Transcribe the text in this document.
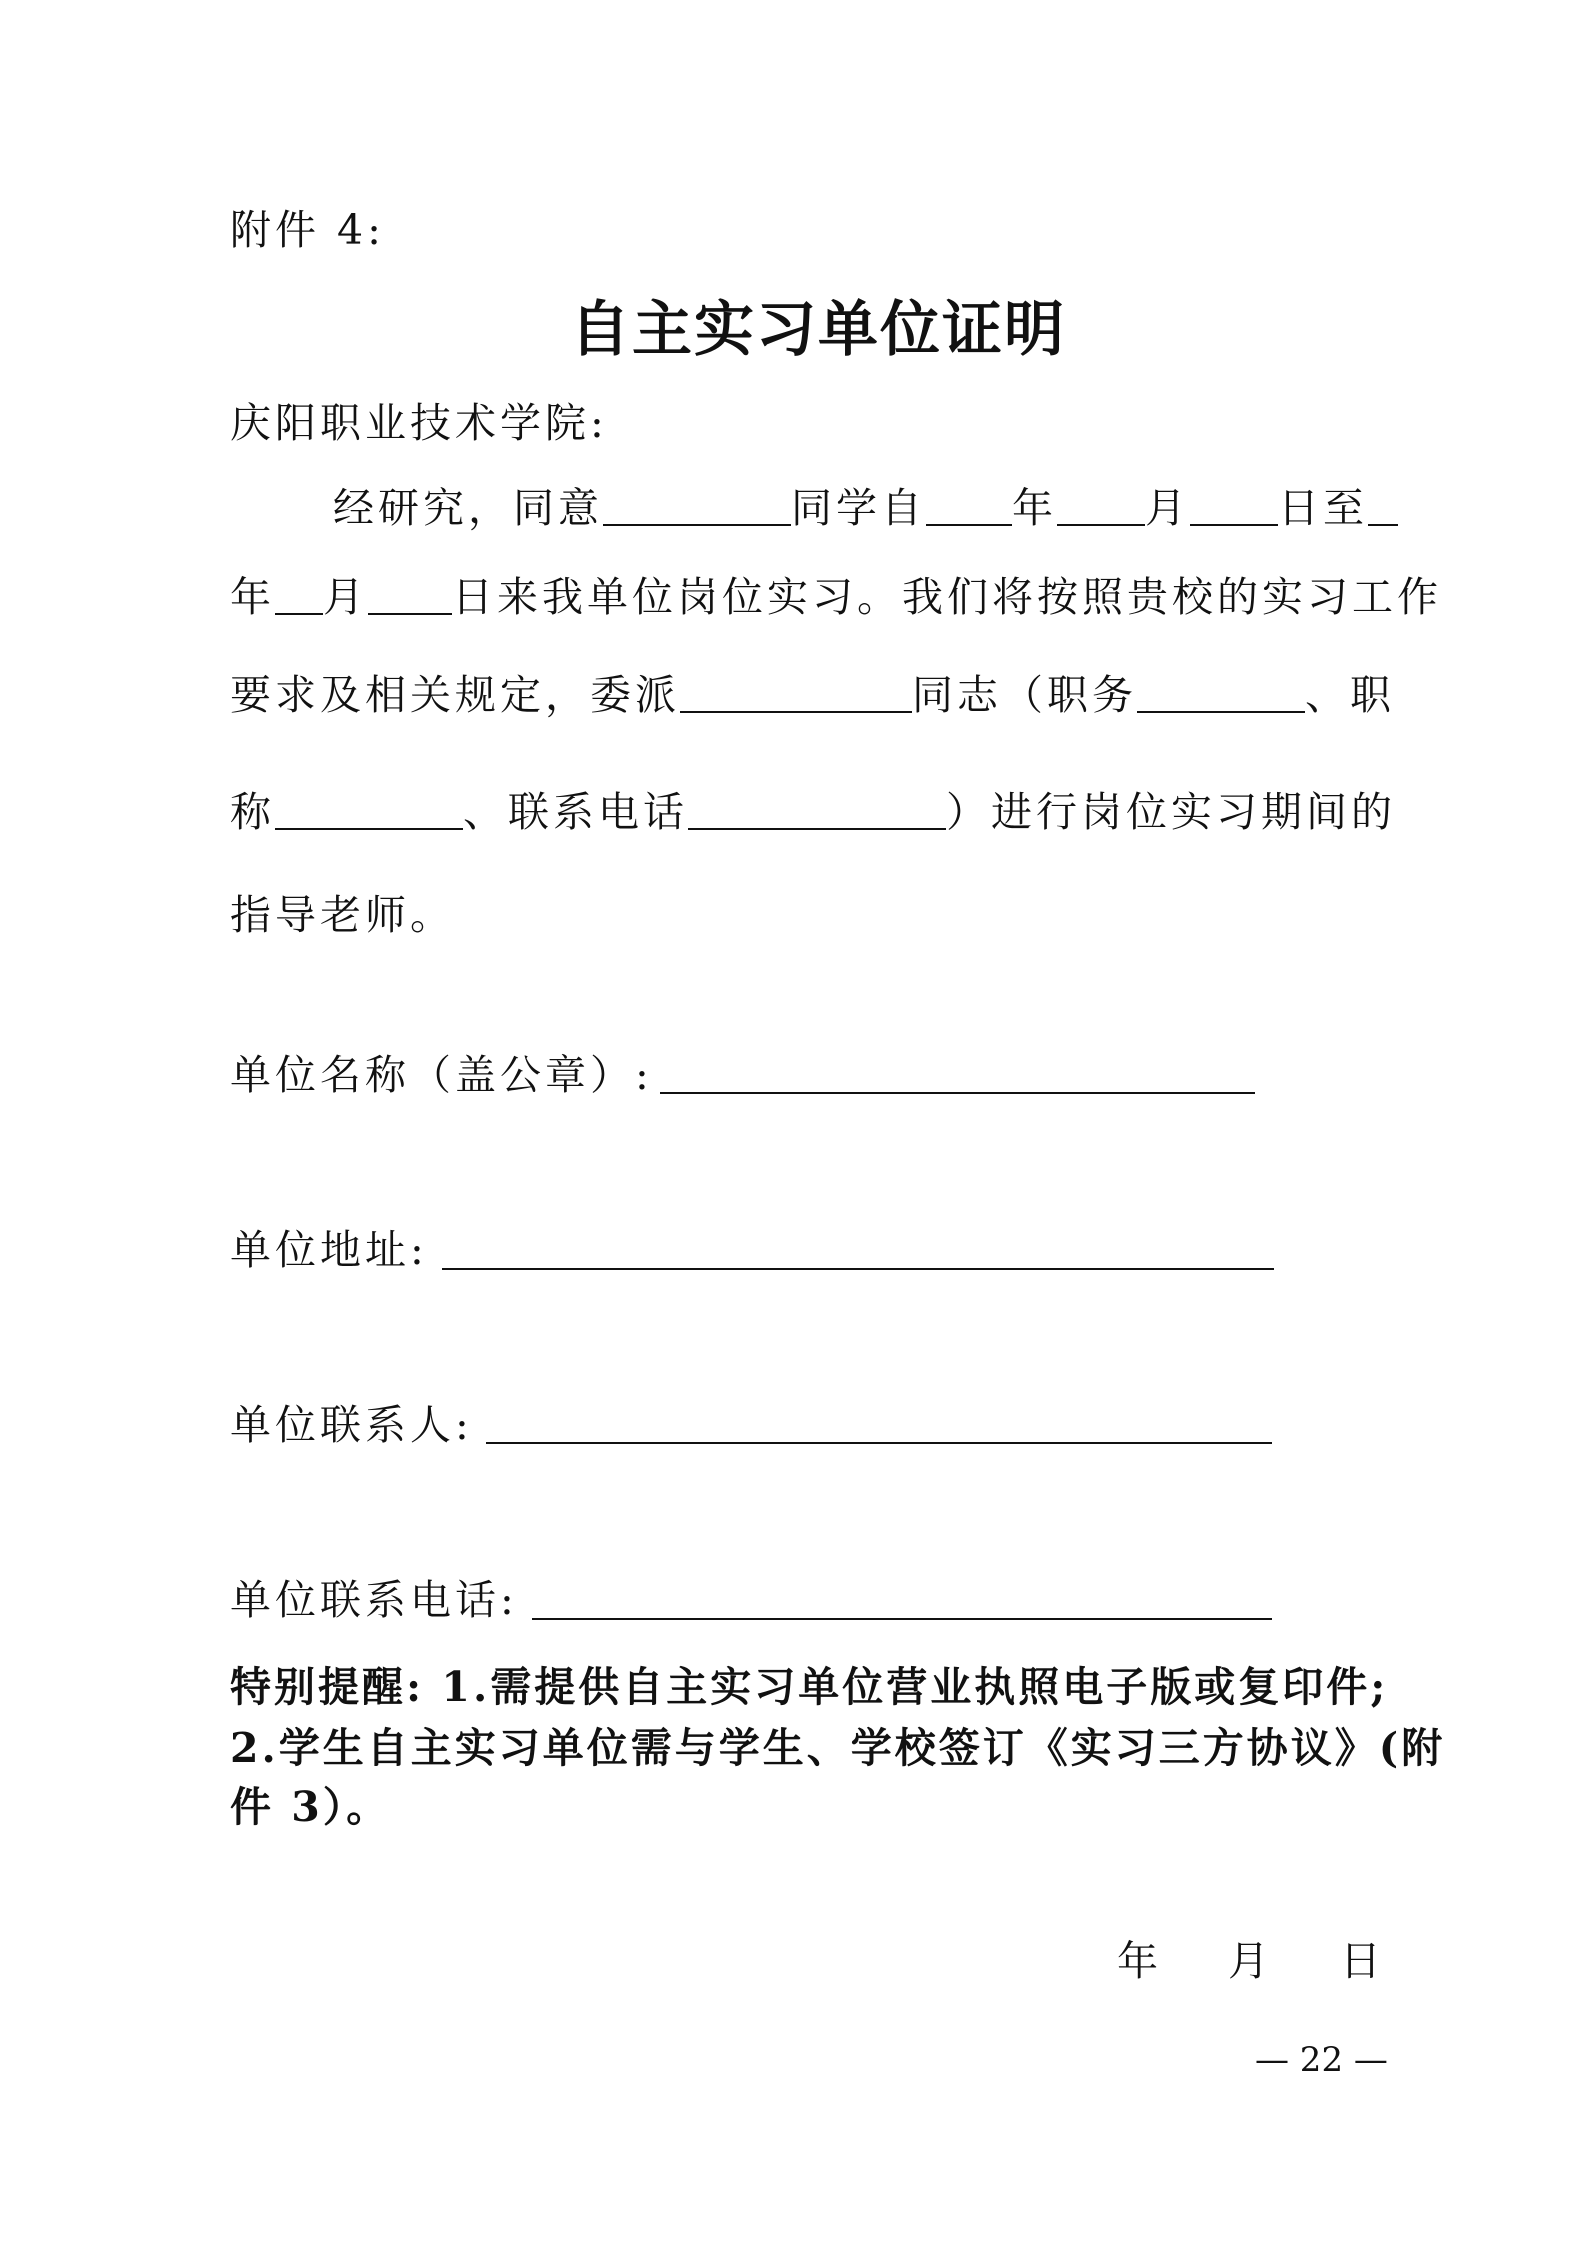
附件 4:
自主实习单位证明
庆阳职业技术学院:
经研究，同意	同学自 年 月 日至
年 月 日来我单位岗位实习。我们将按照贵校的实习工作
要求及相关规定，委派	同志（职务	、职
称	、联系电话	）进行岗位实习期间的
指导老师。
单位名称（盖公章）:
单位地址:
单位联系人:
单位联系电话:
特别提醒: 1.需提供自主实习单位营业执照电子版或复印件;
2.学生自主实习单位需与学生、学校签订《实习三方协议》(附
件 3）。
年 月 日
— 22 —
